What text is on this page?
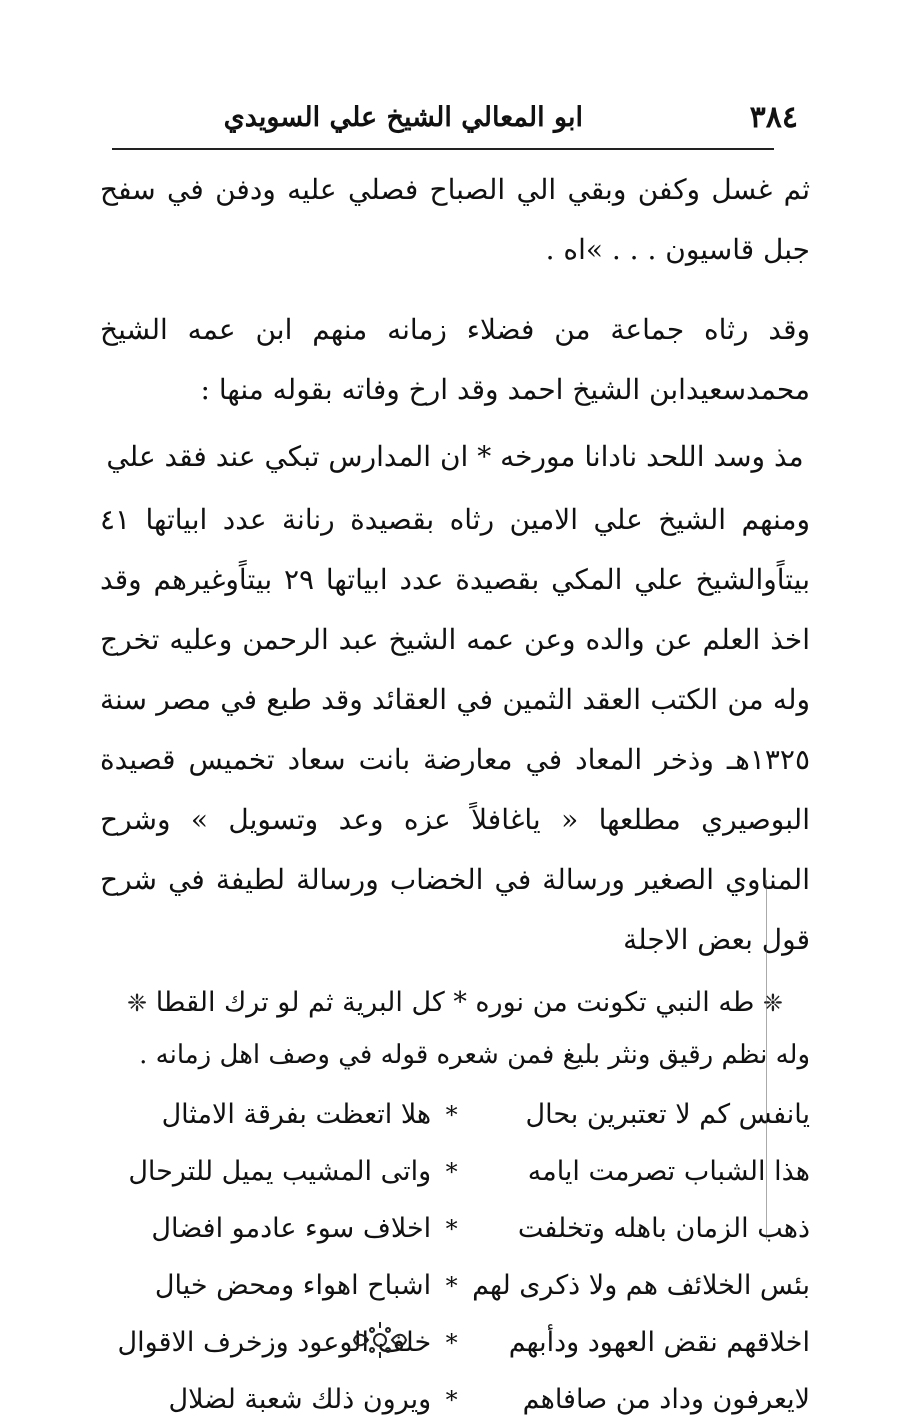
٣٨٤
ابو المعالي الشيخ علي السويدي

ثم غسل وكفن وبقي الي الصباح فصلي عليه ودفن في سفح جبل قاسيون . . . »اه .

وقد رثاه جماعة من فضلاء زمانه منهم ابن عمه الشيخ محمدسعيدابن الشيخ احمد وقد ارخ وفاته بقوله منها :

مذ وسد اللحد نادانا مورخه * ان المدارس تبكي عند فقد علي

ومنهم الشيخ علي الامين رثاه بقصيدة رنانة عدد ابياتها ٤١ بيتاًوالشيخ علي المكي بقصيدة عدد ابياتها ٢٩ بيتاًوغيرهم وقد اخذ العلم عن والده وعن عمه الشيخ عبد الرحمن وعليه تخرج وله من الكتب العقد الثمين في العقائد وقد طبع في مصر سنة ١٣٢٥هـ وذخر المعاد في معارضة بانت سعاد تخميس قصيدة البوصيري مطلعها « ياغافلاً عزه وعد وتسويل » وشرح المناوي الصغير ورسالة في الخضاب ورسالة لطيفة في شرح قول بعض الاجلة

❈ طه النبي تكونت من نوره * كل البرية ثم لو ترك القطا ❈

وله نظم رقيق ونثر بليغ فمن شعره قوله في وصف اهل زمانه .

يانفس كم لا تعتبرين بحال	*	هلا اتعظت بفرقة الامثال
هذا الشباب تصرمت ايامه	*	واتى المشيب يميل للترحال
ذهب الزمان باهله وتخلفت	*	اخلاف سوء عادمو افضال
بئس الخلائف هم ولا ذكرى لهم	*	اشباح اهواء ومحض خيال
اخلاقهم نقض العهود ودأبهم	*	خلف الوعود وزخرف الاقوال
لايعرفون وداد من صافاهم	*	ويرون ذلك شعبة لضلال
